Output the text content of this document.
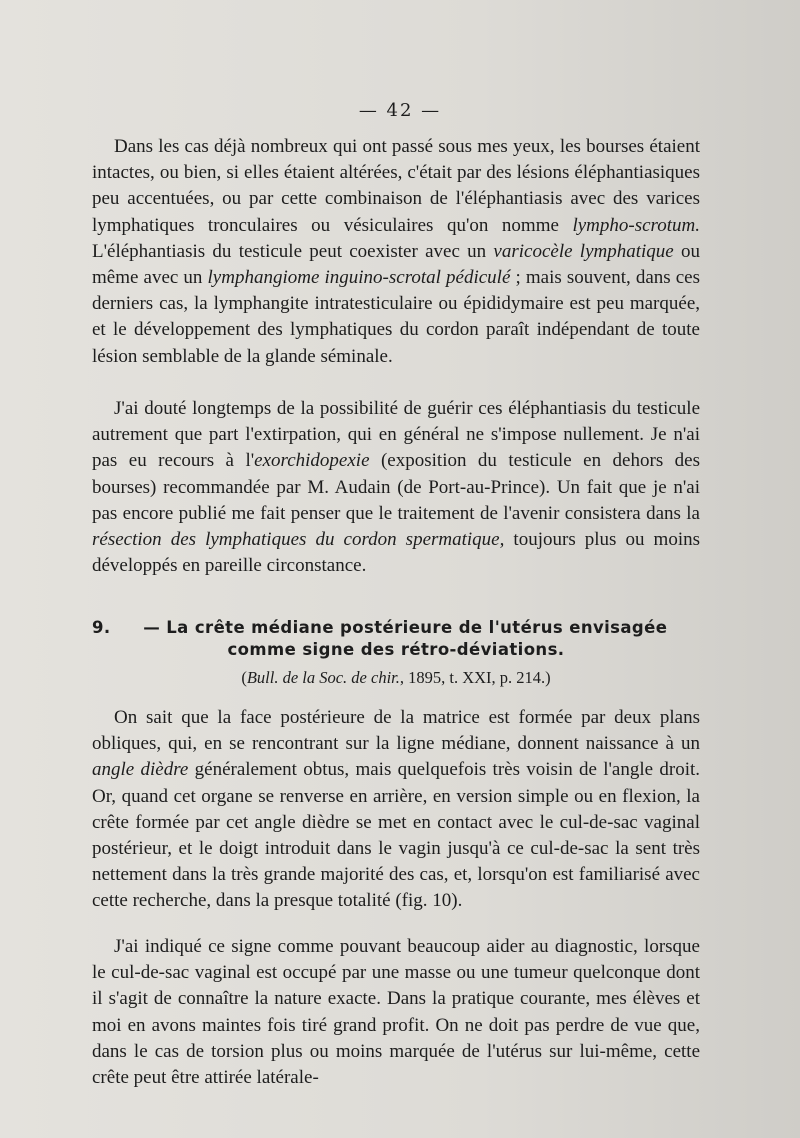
— 42 —

Dans les cas déjà nombreux qui ont passé sous mes yeux, les bourses étaient intactes, ou bien, si elles étaient altérées, c'était par des lésions éléphantiasiques peu accentuées, ou par cette combinaison de l'éléphantiasis avec des varices lymphatiques tronculaires ou vésiculaires qu'on nomme lympho-scrotum. L'éléphantiasis du testicule peut coexister avec un varicocèle lymphatique ou même avec un lymphangiome inguino-scrotal pédiculé ; mais souvent, dans ces derniers cas, la lymphangite intratesticulaire ou épididymaire est peu marquée, et le développement des lymphatiques du cordon paraît indépendant de toute lésion semblable de la glande séminale.

J'ai douté longtemps de la possibilité de guérir ces éléphantiasis du testicule autrement que part l'extirpation, qui en général ne s'impose nullement. Je n'ai pas eu recours à l'exorchidopexie (exposition du testicule en dehors des bourses) recommandée par M. Audain (de Port-au-Prince). Un fait que je n'ai pas encore publié me fait penser que le traitement de l'avenir consistera dans la résection des lymphatiques du cordon spermatique, toujours plus ou moins développés en pareille circonstance.

9. — La crête médiane postérieure de l'utérus envisagée comme signe des rétro-déviations.

(Bull. de la Soc. de chir., 1895, t. XXI, p. 214.)

On sait que la face postérieure de la matrice est formée par deux plans obliques, qui, en se rencontrant sur la ligne médiane, donnent naissance à un angle dièdre généralement obtus, mais quelquefois très voisin de l'angle droit. Or, quand cet organe se renverse en arrière, en version simple ou en flexion, la crête formée par cet angle dièdre se met en contact avec le cul-de-sac vaginal postérieur, et le doigt introduit dans le vagin jusqu'à ce cul-de-sac la sent très nettement dans la très grande majorité des cas, et, lorsqu'on est familiarisé avec cette recherche, dans la presque totalité (fig. 10).

J'ai indiqué ce signe comme pouvant beaucoup aider au diagnostic, lorsque le cul-de-sac vaginal est occupé par une masse ou une tumeur quelconque dont il s'agit de connaître la nature exacte. Dans la pratique courante, mes élèves et moi en avons maintes fois tiré grand profit. On ne doit pas perdre de vue que, dans le cas de torsion plus ou moins marquée de l'utérus sur lui-même, cette crête peut être attirée latérale-
